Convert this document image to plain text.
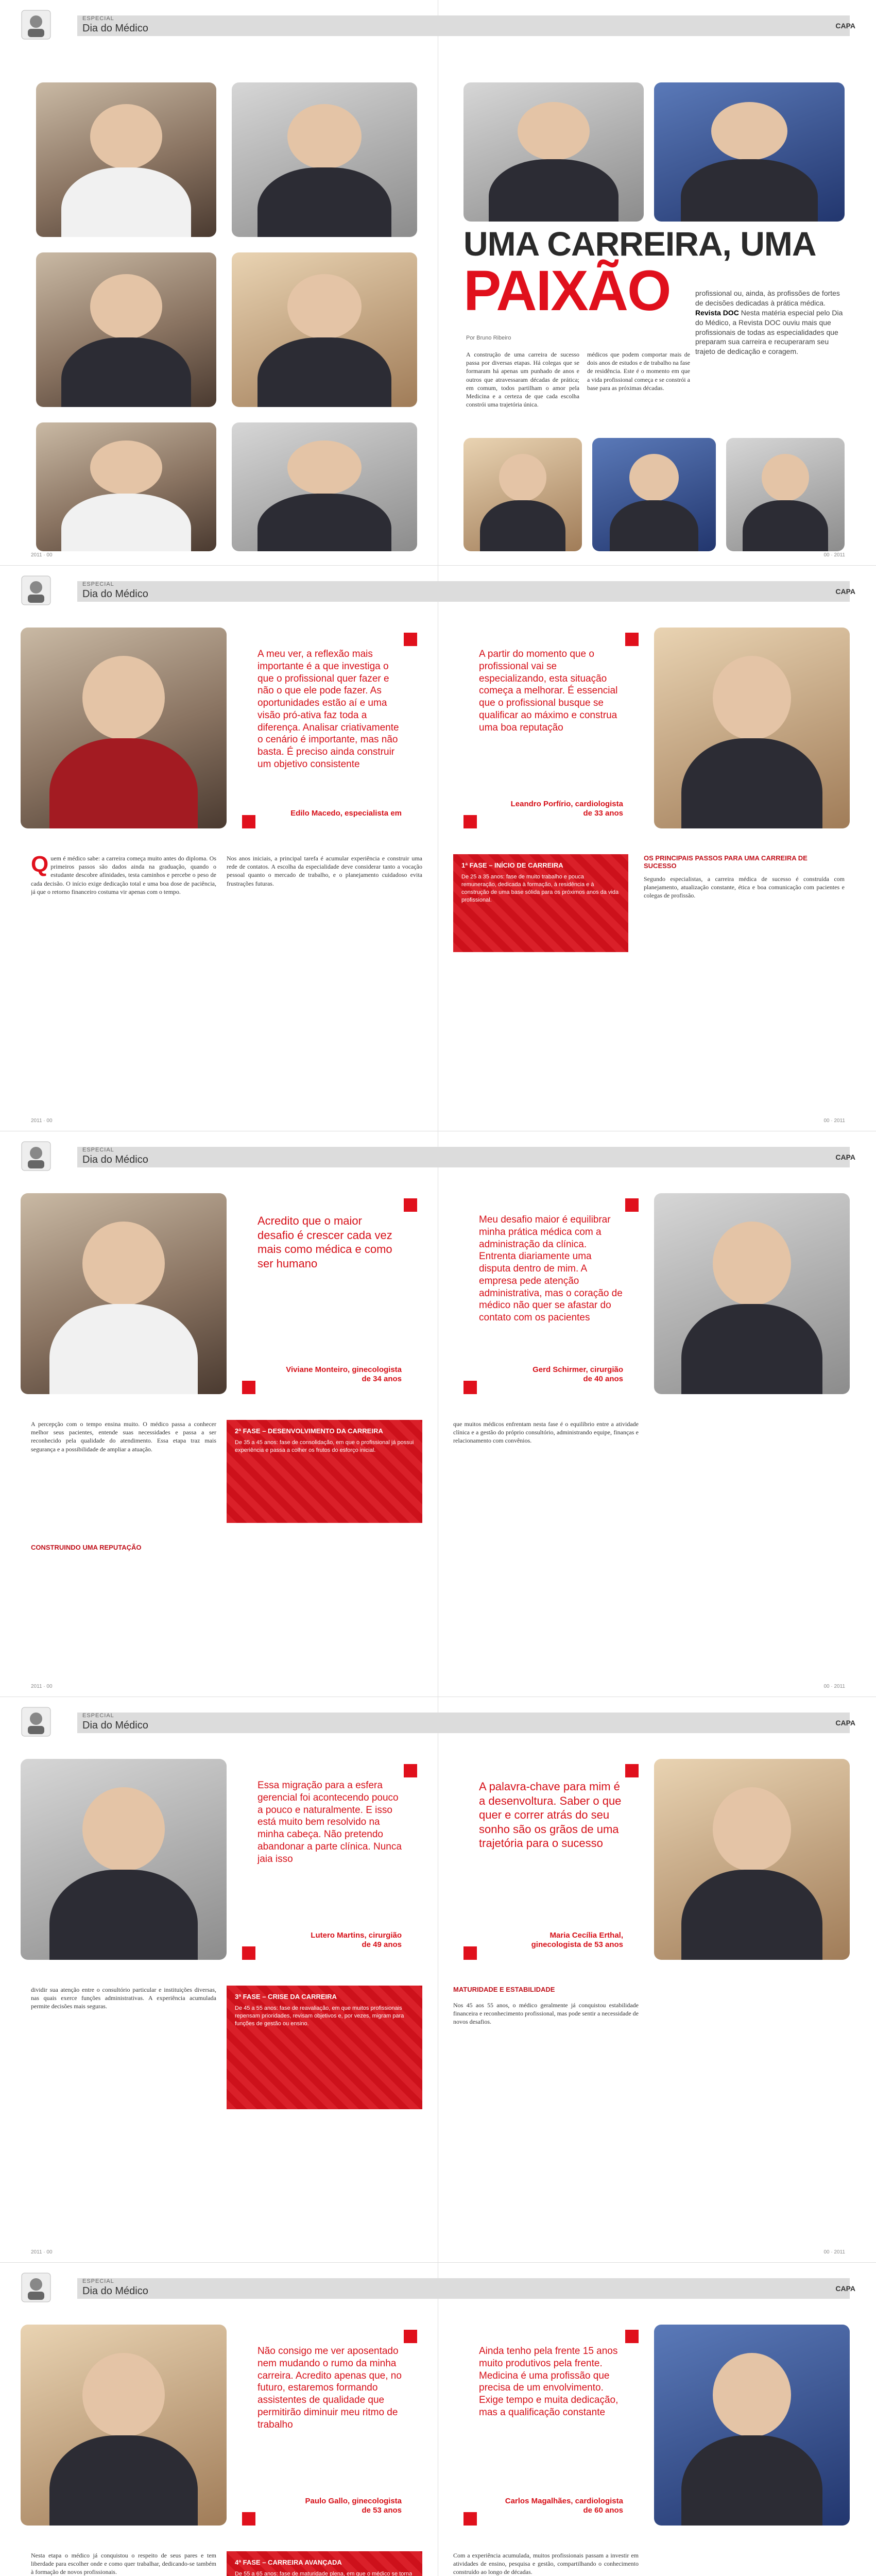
ESPECIAL
Dia do Médico	CAPA
UMA CARREIRA, UMA
PAIXÃO
Por Bruno Ribeiro
profissional ou, ainda, às profissões de fortes de decisões dedicadas à prática médica. Revista DOC Nesta matéria especial pelo Dia do Médico, a Revista DOC ouviu mais que profissionais de todas as especialidades que preparam sua carreira e recuperaram seu trajeto de dedicação e coragem.
A construção de uma carreira de sucesso passa por diversas etapas. Há colegas que se formaram há apenas um punhado de anos e outros que atravessaram décadas de prática; em comum, todos partilham o amor pela Medicina e a certeza de que cada escolha constrói uma trajetória única.
médicos que podem comportar mais de dois anos de estudos e de trabalho na fase de residência. Este é o momento em que a vida profissional começa e se constrói a base para as próximas décadas.
2011 · 00	00 · 2011
ESPECIAL
Dia do Médico	CAPA
A meu ver, a reflexão mais importante é a que investiga o que o profissional quer fazer e não o que ele pode fazer. As oportunidades estão aí e uma visão pró-ativa faz toda a diferença. Analisar criativamente o cenário é importante, mas não basta. É preciso ainda construir um objetivo consistente
Edilo Macedo, especialista em
A partir do momento que o profissional vai se especializando, esta situação começa a melhorar. É essencial que o profissional busque se qualificar ao máximo e construa uma boa reputação
Leandro Porfírio, cardiologista
de 33 anos
Quem é médico sabe: a carreira começa muito antes do diploma. Os primeiros passos são dados ainda na graduação, quando o estudante descobre afinidades, testa caminhos e percebe o peso de cada decisão. O início exige dedicação total e uma boa dose de paciência, já que o retorno financeiro costuma vir apenas com o tempo.
Nos anos iniciais, a principal tarefa é acumular experiência e construir uma rede de contatos. A escolha da especialidade deve considerar tanto a vocação pessoal quanto o mercado de trabalho, e o planejamento cuidadoso evita frustrações futuras.
1ª FASE – INÍCIO DE CARREIRA
De 25 a 35 anos: fase de muito trabalho e pouca remuneração, dedicada à formação, à residência e à construção de uma base sólida para os próximos anos da vida profissional.
OS PRINCIPAIS PASSOS PARA UMA CARREIRA DE SUCESSO
Segundo especialistas, a carreira médica de sucesso é construída com planejamento, atualização constante, ética e boa comunicação com pacientes e colegas de profissão.
2011 · 00	00 · 2011
ESPECIAL
Dia do Médico	CAPA
Acredito que o maior desafio é crescer cada vez mais como médica e como ser humano
Viviane Monteiro, ginecologista
de 34 anos
Meu desafio maior é equilibrar minha prática médica com a administração da clínica. Entrenta diariamente uma disputa dentro de mim. A empresa pede atenção administrativa, mas o coração de médico não quer se afastar do contato com os pacientes
Gerd Schirmer, cirurgião
de 40 anos
A percepção com o tempo ensina muito. O médico passa a conhecer melhor seus pacientes, entende suas necessidades e passa a ser reconhecido pela qualidade do atendimento. Essa etapa traz mais segurança e a possibilidade de ampliar a atuação.
CONSTRUINDO UMA REPUTAÇÃO
2ª FASE – DESENVOLVIMENTO DA CARREIRA
De 35 a 45 anos: fase de consolidação, em que o profissional já possui experiência e passa a colher os frutos do esforço inicial.
que muitos médicos enfrentam nesta fase é o equilíbrio entre a atividade clínica e a gestão do próprio consultório, administrando equipe, finanças e relacionamento com convênios.
2011 · 00	00 · 2011
ESPECIAL
Dia do Médico	CAPA
Essa migração para a esfera gerencial foi acontecendo pouco a pouco e naturalmente. E isso está muito bem resolvido na minha cabeça. Não pretendo abandonar a parte clínica. Nunca jaia isso
Lutero Martins, cirurgião
de 49 anos
A palavra-chave para mim é a desenvoltura. Saber o que quer e correr atrás do seu sonho são os grãos de uma trajetória para o sucesso
Maria Cecília Erthal,
ginecologista de 53 anos
dividir sua atenção entre o consultório particular e instituições diversas, nas quais exerce funções administrativas. A experiência acumulada permite decisões mais seguras.
3ª FASE – CRISE DA CARREIRA
De 45 a 55 anos: fase de reavaliação, em que muitos profissionais repensam prioridades, revisam objetivos e, por vezes, migram para funções de gestão ou ensino.
MATURIDADE E ESTABILIDADE
Nos 45 aos 55 anos, o médico geralmente já conquistou estabilidade financeira e reconhecimento profissional, mas pode sentir a necessidade de novos desafios.
2011 · 00	00 · 2011
ESPECIAL
Dia do Médico	CAPA
Não consigo me ver aposentado nem mudando o rumo da minha carreira. Acredito apenas que, no futuro, estaremos formando assistentes de qualidade que permitirão diminuir meu ritmo de trabalho
Paulo Gallo, ginecologista
de 53 anos
Ainda tenho pela frente 15 anos muito produtivos pela frente. Medicina é uma profissão que precisa de um envolvimento. Exige tempo e muita dedicação, mas a qualificação constante
Carlos Magalhães, cardiologista
de 60 anos
Nesta etapa o médico já conquistou o respeito de seus pares e tem liberdade para escolher onde e como quer trabalhar, dedicando-se também à formação de novos profissionais.
4ª FASE – CARREIRA AVANÇADA
De 55 a 65 anos: fase de maturidade plena, em que o médico se torna
Com a experiência acumulada, muitos profissionais passam a investir em atividades de ensino, pesquisa e gestão, compartilhando o conhecimento construído ao longo de décadas.
